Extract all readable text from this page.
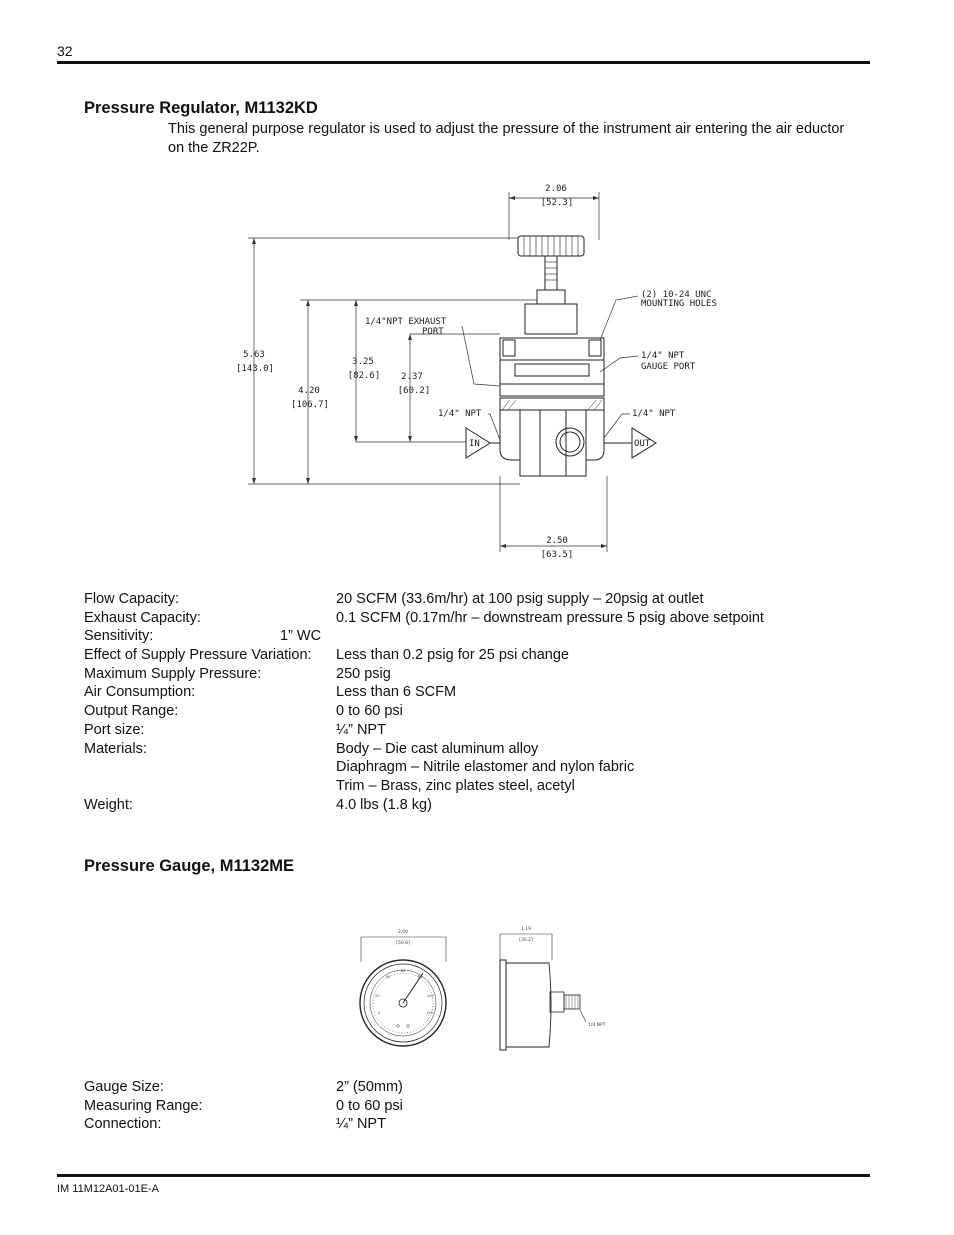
32
Pressure Regulator, M1132KD

This general purpose regulator is used to adjust the pressure of the instrument air entering the air eductor on the ZR22P.

2.06
[52.3]
2.50
[63.5]
5.63
[143.0]
4.20
[106.7]
3.25
[82.6] 2.37
[60.2]
1/4"NPT EXHAUST
PORT
(2) 10-24 UNC
MOUNTING HOLES
1/4" NPT
GAUGE PORT
1/4" NPT	1/4" NPT
IN	OUT
Flow Capacity:	20 SCFM (33.6m/hr) at 100 psig supply – 20psig at outlet
Exhaust Capacity:	0.1 SCFM (0.17m/hr – downstream pressure 5 psig above setpoint
Sensitivity:	1” WC
Effect of Supply Pressure Variation: Less than 0.2 psig for 25 psi change
Maximum Supply Pressure:	250 psig
Air Consumption:	Less than 6 SCFM
Output Range:	0 to 60 psi
Port size:	¼” NPT
Materials:	Body – Die cast aluminum alloy
Diaphragm – Nitrile elastomer and nylon fabric
Trim – Brass, zinc plates steel, acetyl
Weight:	4.0 lbs (1.8 kg)
Pressure Gauge, M1132ME
2.00
[50.8]
0
20
40
60
80
100
120
1.19
[30.2]
1/4 NPT
Gauge Size:	2” (50mm)
Measuring Range:	0 to 60 psi
Connection:	¼” NPT
IM 11M12A01-01E-A
